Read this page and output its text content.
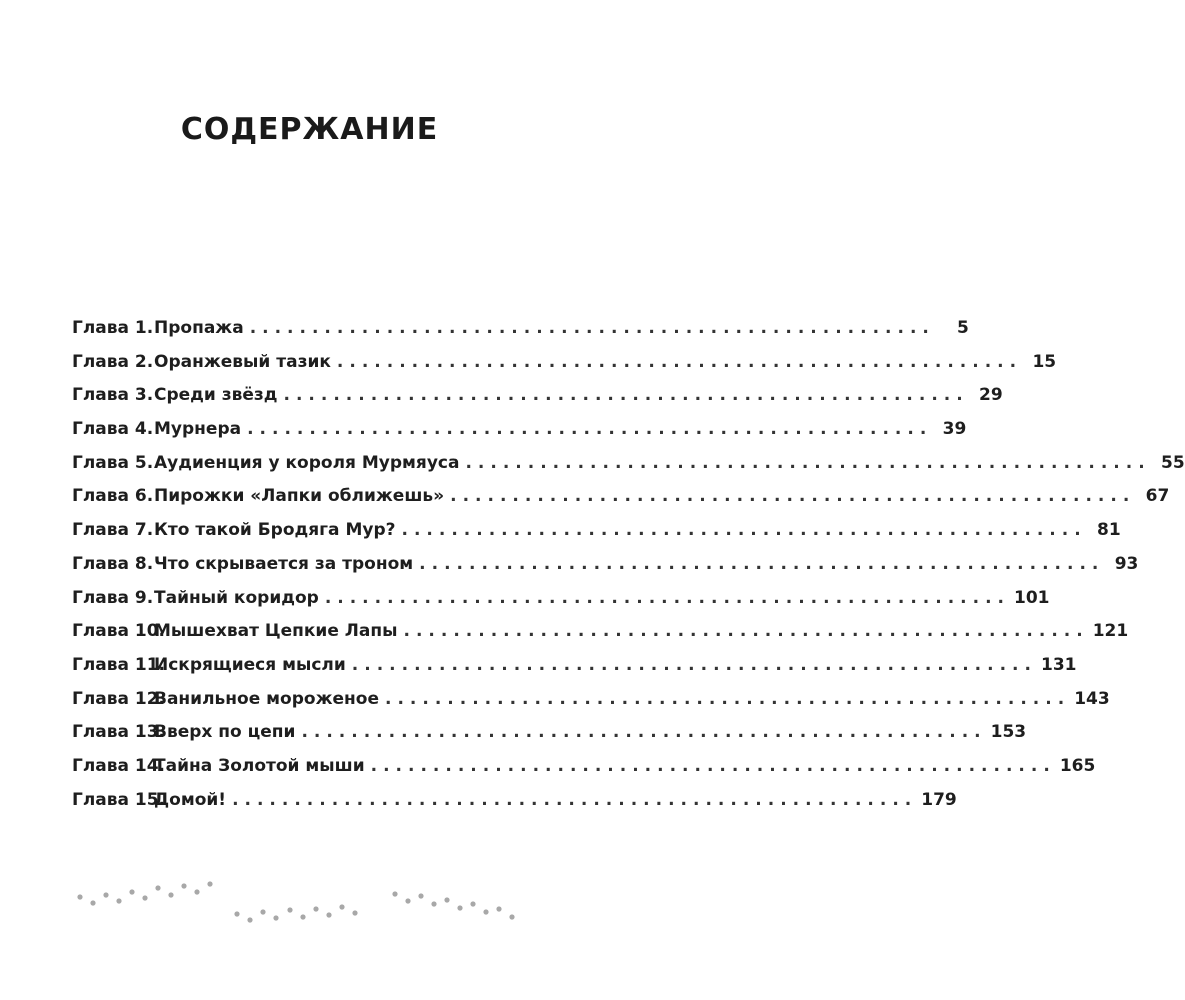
СОДЕРЖАНИЕ
Глава 1. Пропажа .......................................................	5
Глава 2. Оранжевый тазик ....................................................... 15
Глава 3. Среди звёзд ....................................................... 29
Глава 4. Мурнера ....................................................... 39
Глава 5. Аудиенция у короля Мурмяуса ....................................................... 55
Глава 6. Пирожки «Лапки оближешь» ....................................................... 67
Глава 7. Кто такой Бродяга Мур? ....................................................... 81
Глава 8. Что скрывается за троном ....................................................... 93
Глава 9. Тайный коридор ....................................................... 101
Глава 10.
Мышехват Цепкие Лапы ....................................................... 121
Глава 11.
Искрящиеся мысли ....................................................... 131
Глава 12.
Ванильное мороженое ....................................................... 143
Глава 13.
Вверх по цепи ....................................................... 153
Глава 14.
Тайна Золотой мыши ....................................................... 165
Глава 15.
Домой! ....................................................... 179
